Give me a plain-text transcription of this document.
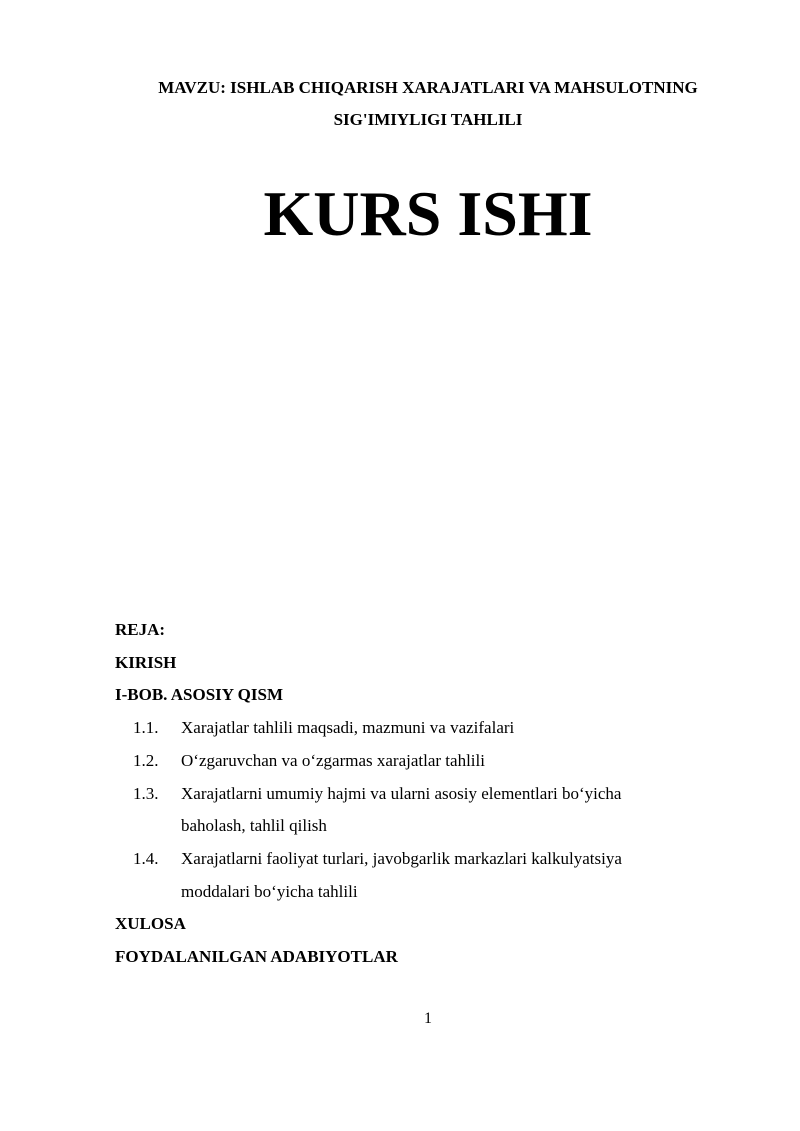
MAVZU: ISHLAB CHIQARISH XARAJATLARI VA MAHSULOTNING SIG'IMIYLIGI TAHLILI
KURS ISHI
REJA:
KIRISH
I-BOB. ASOSIY QISM
1.1.	Xarajatlar tahlili maqsadi, mazmuni va vazifalari
1.2.	O‘zgaruvchan va o‘zgarmas xarajatlar tahlili
1.3.	Xarajatlarni umumiy hajmi va ularni asosiy elementlari bo‘yicha baholash, tahlil qilish
1.4.	Xarajatlarni faoliyat turlari, javobgarlik markazlari kalkulyatsiya moddalari bo‘yicha tahlili
XULOSA
FOYDALANILGAN ADABIYOTLAR
1
